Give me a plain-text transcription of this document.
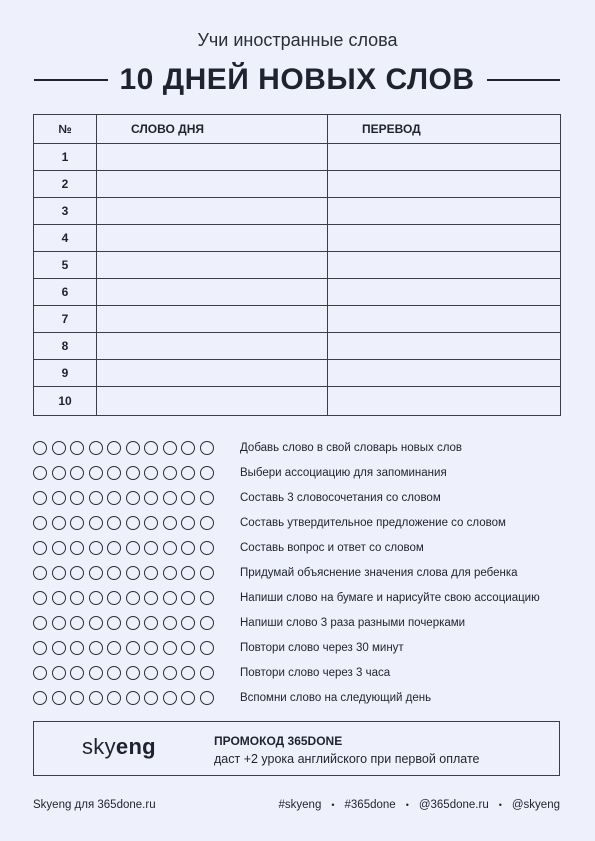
Учи иностранные слова
10 ДНЕЙ НОВЫХ СЛОВ
№	СЛОВО ДНЯ	ПЕРЕВОД
1		
2		
3		
4		
5		
6		
7		
8		
9		
10		
Добавь слово в свой словарь новых слов
Выбери ассоциацию для запоминания
Составь 3 словосочетания со словом
Составь утвердительное предложение со словом
Составь вопрос и ответ со словом
Придумай объяснение значения слова для ребенка
Напиши слово на бумаге и нарисуйте свою ассоциацию
Напиши слово 3 раза разными почерками
Повтори слово через 30 минут
Повтори слово через 3 часа
Вспомни слово на следующий день
skyeng	ПРОМОКОД 365DONE
даст +2 урока английского при первой оплате
Skyeng для 365done.ru	#skyeng • #365done • @365done.ru • @skyeng
